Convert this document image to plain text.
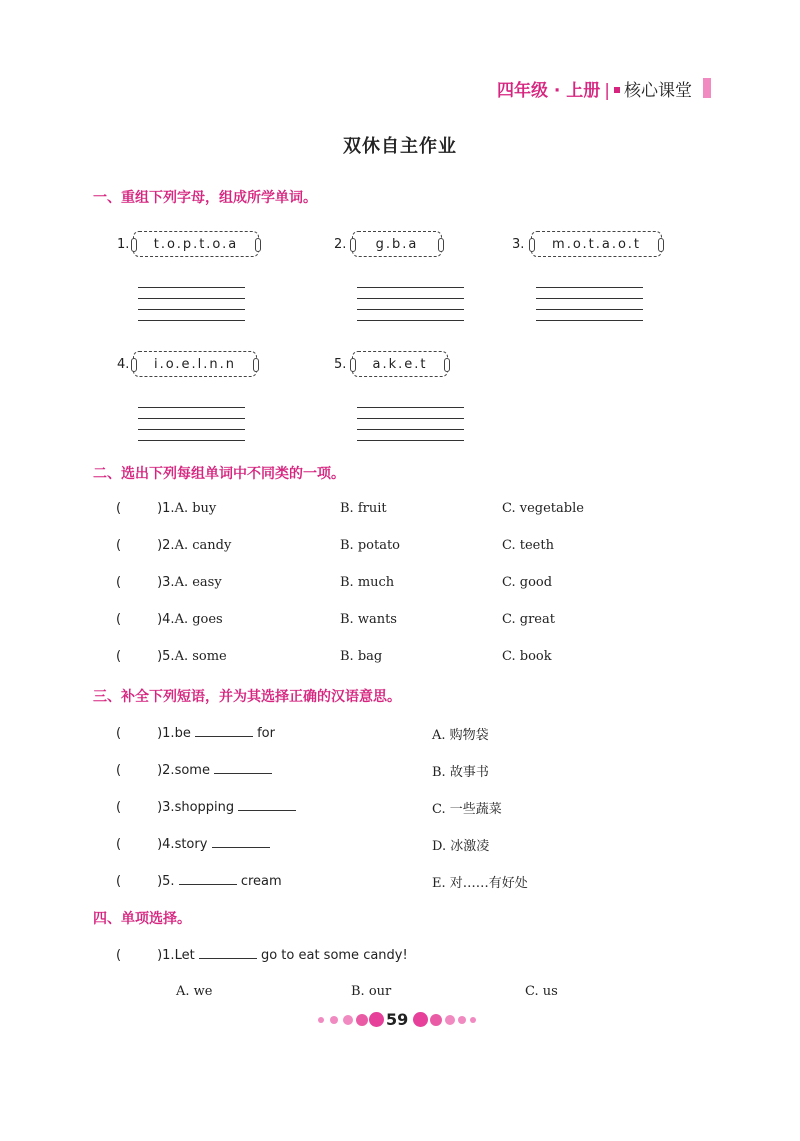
四年级 · 上册 | 核心课堂
双休自主作业
一、重组下列字母，组成所学单词。
1.	t.o.p.t.o.a	2.	g.b.a	3.	m.o.t.a.o.t
4.	i.o.e.l.n.n	5.	a.k.e.t
二、选出下列每组单词中不同类的一项。
(	)1.A. buy	B. fruit	C. vegetable
(	)2.A. candy	B. potato	C. teeth
(	)3.A. easy	B. much	C. good
(	)4.A. goes	B. wants	C. great
(	)5.A. some	B. bag	C. book
三、补全下列短语，并为其选择正确的汉语意思。
(	)1.be	for	A. 购物袋
(	)2.some	B. 故事书
(	)3.shopping	C. 一些蔬菜
(	)4.story	D. 冰激凌
(	)5.	cream	E. 对……有好处
四、单项选择。
(	)1.Let	go to eat some candy!
A. we	B. our	C. us
59
